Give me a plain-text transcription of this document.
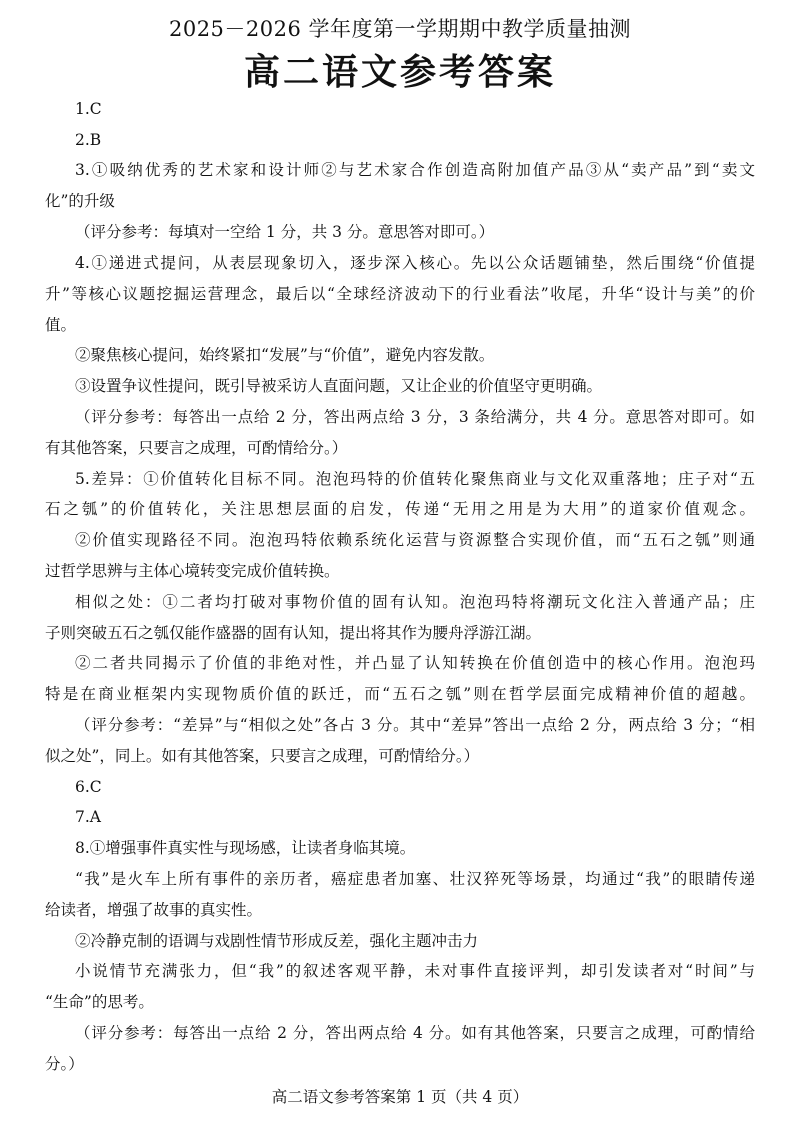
2025－2026 学年度第一学期期中教学质量抽测
高二语文参考答案
1.C
2.B
3.①吸纳优秀的艺术家和设计师②与艺术家合作创造高附加值产品③从“卖产品”到“卖文
化”的升级
（评分参考：每填对一空给 1 分，共 3 分。意思答对即可。）
4.①递进式提问，从表层现象切入，逐步深入核心。先以公众话题铺垫，然后围绕“价值提
升”等核心议题挖掘运营理念，最后以“全球经济波动下的行业看法”收尾，升华“设计与美”的价
值。
②聚焦核心提问，始终紧扣“发展”与“价值”，避免内容发散。
③设置争议性提问，既引导被采访人直面问题，又让企业的价值坚守更明确。
（评分参考：每答出一点给 2 分，答出两点给 3 分，3 条给满分，共 4 分。意思答对即可。如
有其他答案，只要言之成理，可酌情给分。）
5.差异：①价值转化目标不同。泡泡玛特的价值转化聚焦商业与文化双重落地；庄子对“五
石之瓠”的价值转化，关注思想层面的启发，传递“无用之用是为大用”的道家价值观念。
②价值实现路径不同。泡泡玛特依赖系统化运营与资源整合实现价值，而“五石之瓠”则通
过哲学思辨与主体心境转变完成价值转换。
相似之处：①二者均打破对事物价值的固有认知。泡泡玛特将潮玩文化注入普通产品；庄
子则突破五石之瓠仅能作盛器的固有认知，提出将其作为腰舟浮游江湖。
②二者共同揭示了价值的非绝对性，并凸显了认知转换在价值创造中的核心作用。泡泡玛
特是在商业框架内实现物质价值的跃迁，而“五石之瓠”则在哲学层面完成精神价值的超越。
（评分参考：“差异”与“相似之处”各占 3 分。其中“差异”答出一点给 2 分，两点给 3 分；“相
似之处”，同上。如有其他答案，只要言之成理，可酌情给分。）
6.C
7.A
8.①增强事件真实性与现场感，让读者身临其境。
“我”是火车上所有事件的亲历者，癌症患者加塞、壮汉猝死等场景，均通过“我”的眼睛传递
给读者，增强了故事的真实性。
②冷静克制的语调与戏剧性情节形成反差，强化主题冲击力
小说情节充满张力，但“我”的叙述客观平静，未对事件直接评判，却引发读者对“时间”与
“生命”的思考。
（评分参考：每答出一点给 2 分，答出两点给 4 分。如有其他答案，只要言之成理，可酌情给
分。）
高二语文参考答案第 1 页（共 4 页）
